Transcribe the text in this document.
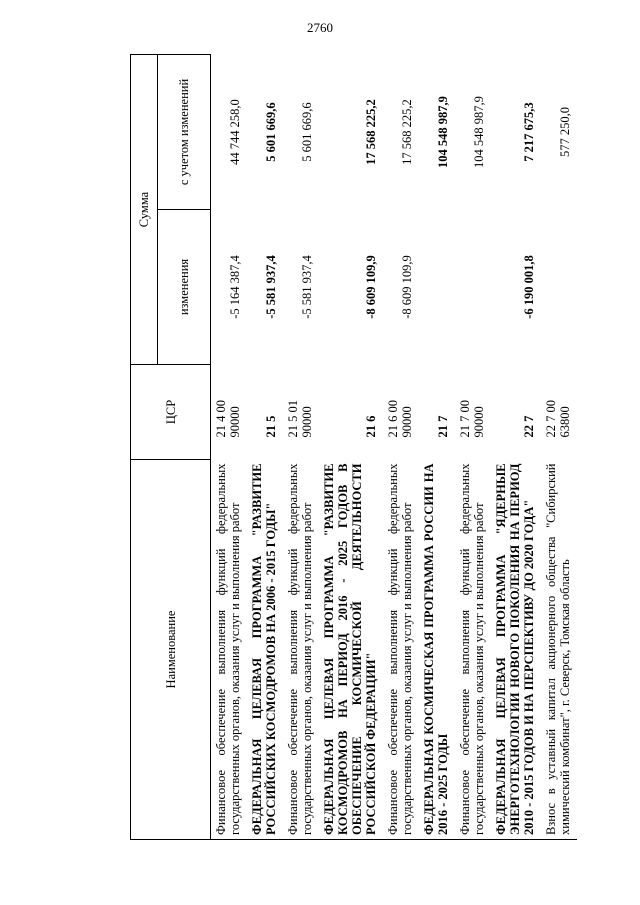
2760
Наименование	ЦСР	Сумма	
		изменения	с учетом изменений
Финансовое обеспечение выполнения функций федеральных государственных органов, оказания услуг и выполнения работ	21 4 00 90000	-5 164 387,4	44 744 258,0
ФЕДЕРАЛЬНАЯ ЦЕЛЕВАЯ ПРОГРАММА "РАЗВИТИЕ РОССИЙСКИХ КОСМОДРОМОВ НА 2006 - 2015 ГОДЫ"	21 5	-5 581 937,4	5 601 669,6
Финансовое обеспечение выполнения функций федеральных государственных органов, оказания услуг и выполнения работ	21 5 01 90000	-5 581 937,4	5 601 669,6
ФЕДЕРАЛЬНАЯ ЦЕЛЕВАЯ ПРОГРАММА "РАЗВИТИЕ КОСМОДРОМОВ НА ПЕРИОД 2016 - 2025 ГОДОВ В ОБЕСПЕЧЕНИЕ КОСМИЧЕСКОЙ ДЕЯТЕЛЬНОСТИ РОССИЙСКОЙ ФЕДЕРАЦИИ"	21 6	-8 609 109,9	17 568 225,2
Финансовое обеспечение выполнения функций федеральных государственных органов, оказания услуг и выполнения работ	21 6 00 90000	-8 609 109,9	17 568 225,2
ФЕДЕРАЛЬНАЯ КОСМИЧЕСКАЯ ПРОГРАММА РОССИИ НА 2016 - 2025 ГОДЫ	21 7		104 548 987,9
Финансовое обеспечение выполнения функций федеральных государственных органов, оказания услуг и выполнения работ	21 7 00 90000		104 548 987,9
ФЕДЕРАЛЬНАЯ ЦЕЛЕВАЯ ПРОГРАММА "ЯДЕРНЫЕ ЭНЕРГОТЕХНОЛОГИИ НОВОГО ПОКОЛЕНИЯ НА ПЕРИОД 2010 - 2015 ГОДОВ И НА ПЕРСПЕКТИВУ ДО 2020 ГОДА"	22 7	-6 190 001,8	7 217 675,3
Взнос в уставный капитал акционерного общества "Сибирский химический комбинат", г. Северск, Томская область	22 7 00 63800		577 250,0
